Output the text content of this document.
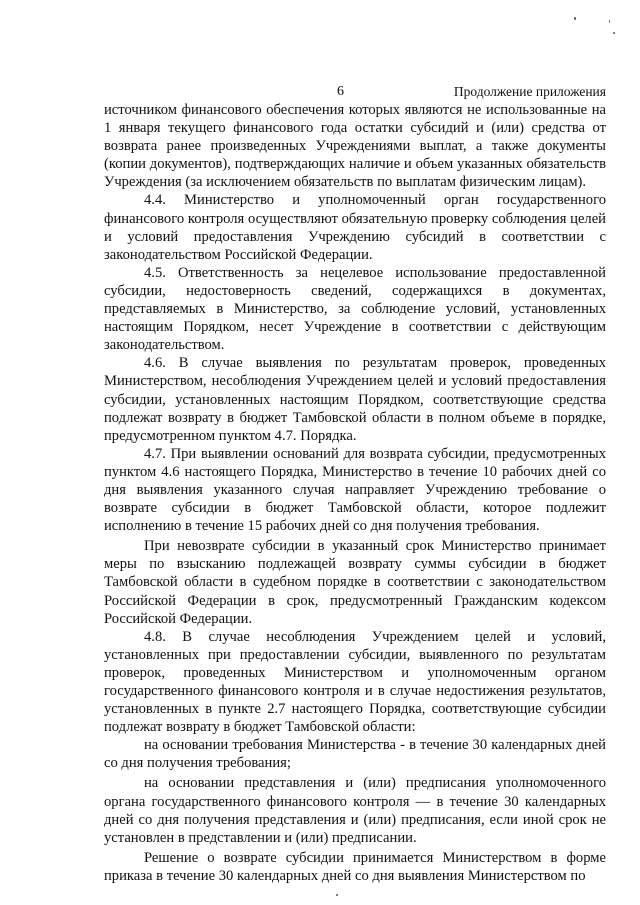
6	Продолжение приложения

источником финансового обеспечения которых являются не использованные на 1 января текущего финансового года остатки субсидий и (или) средства от возврата ранее произведенных Учреждениями выплат, а также документы (копии документов), подтверждающих наличие и объем указанных обязательств Учреждения (за исключением обязательств по выплатам физическим лицам).

4.4. Министерство и уполномоченный орган государственного финансового контроля осуществляют обязательную проверку соблюдения целей и условий предоставления Учреждению субсидий в соответствии с законодательством Российской Федерации.

4.5. Ответственность за нецелевое использование предоставленной субсидии, недостоверность сведений, содержащихся в документах, представляемых в Министерство, за соблюдение условий, установленных настоящим Порядком, несет Учреждение в соответствии с действующим законодательством.

4.6. В случае выявления по результатам проверок, проведенных Министерством, несоблюдения Учреждением целей и условий предоставления субсидии, установленных настоящим Порядком, соответствующие средства подлежат возврату в бюджет Тамбовской области в полном объеме в порядке, предусмотренном пунктом 4.7. Порядка.

4.7. При выявлении оснований для возврата субсидии, предусмотренных пунктом 4.6 настоящего Порядка, Министерство в течение 10 рабочих дней со дня выявления указанного случая направляет Учреждению требование о возврате субсидии в бюджет Тамбовской области, которое подлежит исполнению в течение 15 рабочих дней со дня получения требования.

При невозврате субсидии в указанный срок Министерство принимает меры по взысканию подлежащей возврату суммы субсидии в бюджет Тамбовской области в судебном порядке в соответствии с законодательством Российской Федерации в срок, предусмотренный Гражданским кодексом Российской Федерации.

4.8. В случае несоблюдения Учреждением целей и условий, установленных при предоставлении субсидии, выявленного по результатам проверок, проведенных Министерством и уполномоченным органом государственного финансового контроля и в случае недостижения результатов, установленных в пункте 2.7 настоящего Порядка, соответствующие субсидии подлежат возврату в бюджет Тамбовской области:

на основании требования Министерства - в течение 30 календарных дней со дня получения требования;

на основании представления и (или) предписания уполномоченного органа государственного финансового контроля — в течение 30 календарных дней со дня получения представления и (или) предписания, если иной срок не установлен в представлении и (или) предписании.

Решение о возврате субсидии принимается Министерством в форме приказа в течение 30 календарных дней со дня выявления Министерством по
